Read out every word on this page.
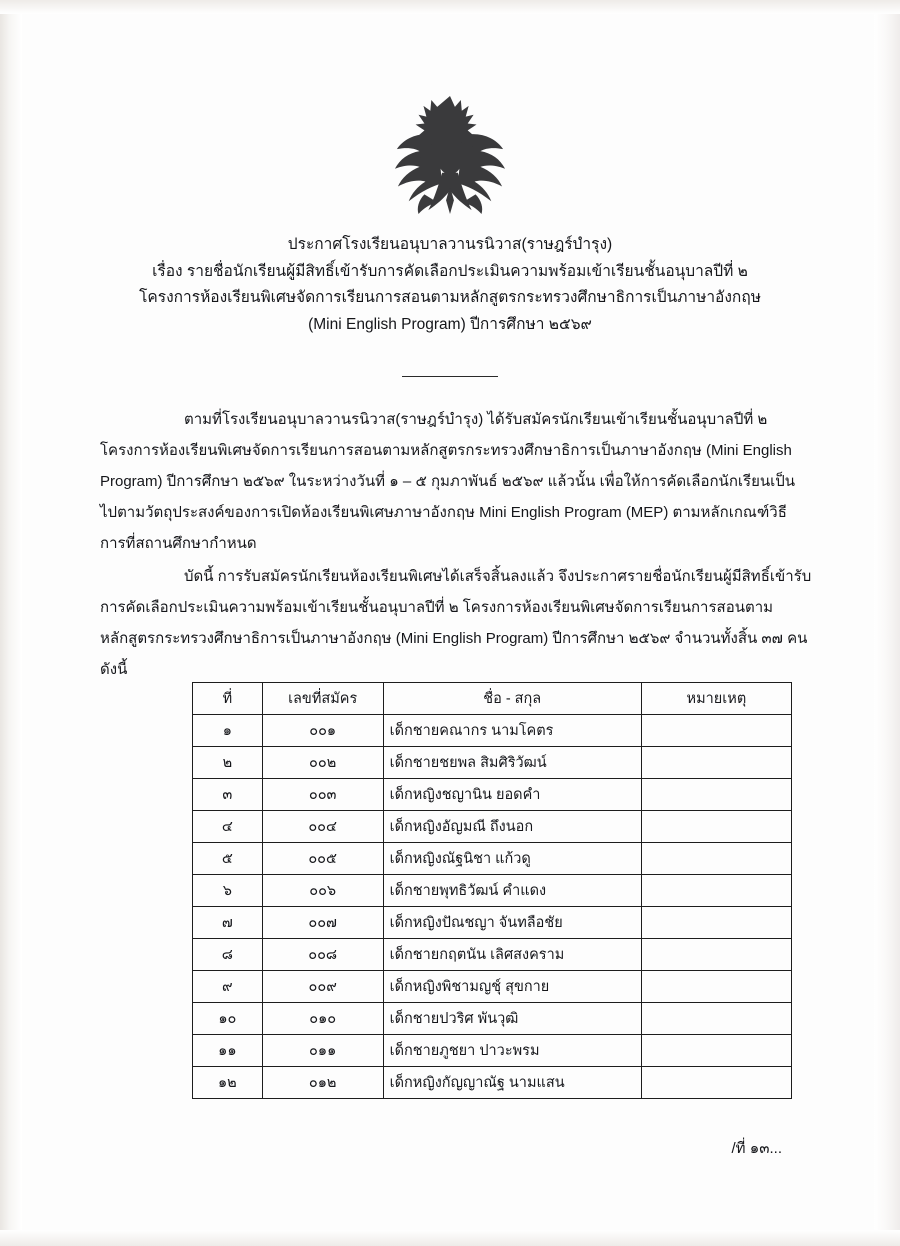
ประกาศโรงเรียนอนุบาลวานรนิวาส(ราษฎร์บำรุง)
เรื่อง รายชื่อนักเรียนผู้มีสิทธิ์เข้ารับการคัดเลือกประเมินความพร้อมเข้าเรียนชั้นอนุบาลปีที่ ๒
โครงการห้องเรียนพิเศษจัดการเรียนการสอนตามหลักสูตรกระทรวงศึกษาธิการเป็นภาษาอังกฤษ
(Mini English Program) ปีการศึกษา ๒๕๖๙

ตามที่โรงเรียนอนุบาลวานรนิวาส(ราษฎร์บำรุง) ได้รับสมัครนักเรียนเข้าเรียนชั้นอนุบาลปีที่ ๒ โครงการห้องเรียนพิเศษจัดการเรียนการสอนตามหลักสูตรกระทรวงศึกษาธิการเป็นภาษาอังกฤษ (Mini English Program) ปีการศึกษา ๒๕๖๙ ในระหว่างวันที่ ๑ – ๕ กุมภาพันธ์ ๒๕๖๙ แล้วนั้น เพื่อให้การคัดเลือกนักเรียนเป็นไปตามวัตถุประสงค์ของการเปิดห้องเรียนพิเศษภาษาอังกฤษ Mini English Program (MEP) ตามหลักเกณฑ์วิธีการที่สถานศึกษากำหนด

บัดนี้ การรับสมัครนักเรียนห้องเรียนพิเศษได้เสร็จสิ้นลงแล้ว จึงประกาศรายชื่อนักเรียนผู้มีสิทธิ์เข้ารับการคัดเลือกประเมินความพร้อมเข้าเรียนชั้นอนุบาลปีที่ ๒ โครงการห้องเรียนพิเศษจัดการเรียนการสอนตามหลักสูตรกระทรวงศึกษาธิการเป็นภาษาอังกฤษ (Mini English Program) ปีการศึกษา ๒๕๖๙ จำนวนทั้งสิ้น ๓๗ คน ดังนี้

ที่	เลขที่สมัคร	ชื่อ - สกุล	หมายเหตุ
๑	๐๐๑	เด็กชายคณากร นามโคตร	
๒	๐๐๒	เด็กชายชยพล สิมศิริวัฒน์	
๓	๐๐๓	เด็กหญิงชญานิน ยอดคำ	
๔	๐๐๔	เด็กหญิงอัญมณี ถึงนอก	
๕	๐๐๕	เด็กหญิงณัฐนิชา แก้วดู	
๖	๐๐๖	เด็กชายพุทธิวัฒน์ คำแดง	
๗	๐๐๗	เด็กหญิงปัณชญา จันทลือชัย	
๘	๐๐๘	เด็กชายกฤตนัน เลิศสงคราม	
๙	๐๐๙	เด็กหญิงพิชามญชุ์ สุขกาย	
๑๐	๐๑๐	เด็กชายปวริศ พันวุฒิ	
๑๑	๐๑๑	เด็กชายภูชยา ปาวะพรม	
๑๒	๐๑๒	เด็กหญิงกัญญาณัฐ นามแสน	
/ที่ ๑๓...
